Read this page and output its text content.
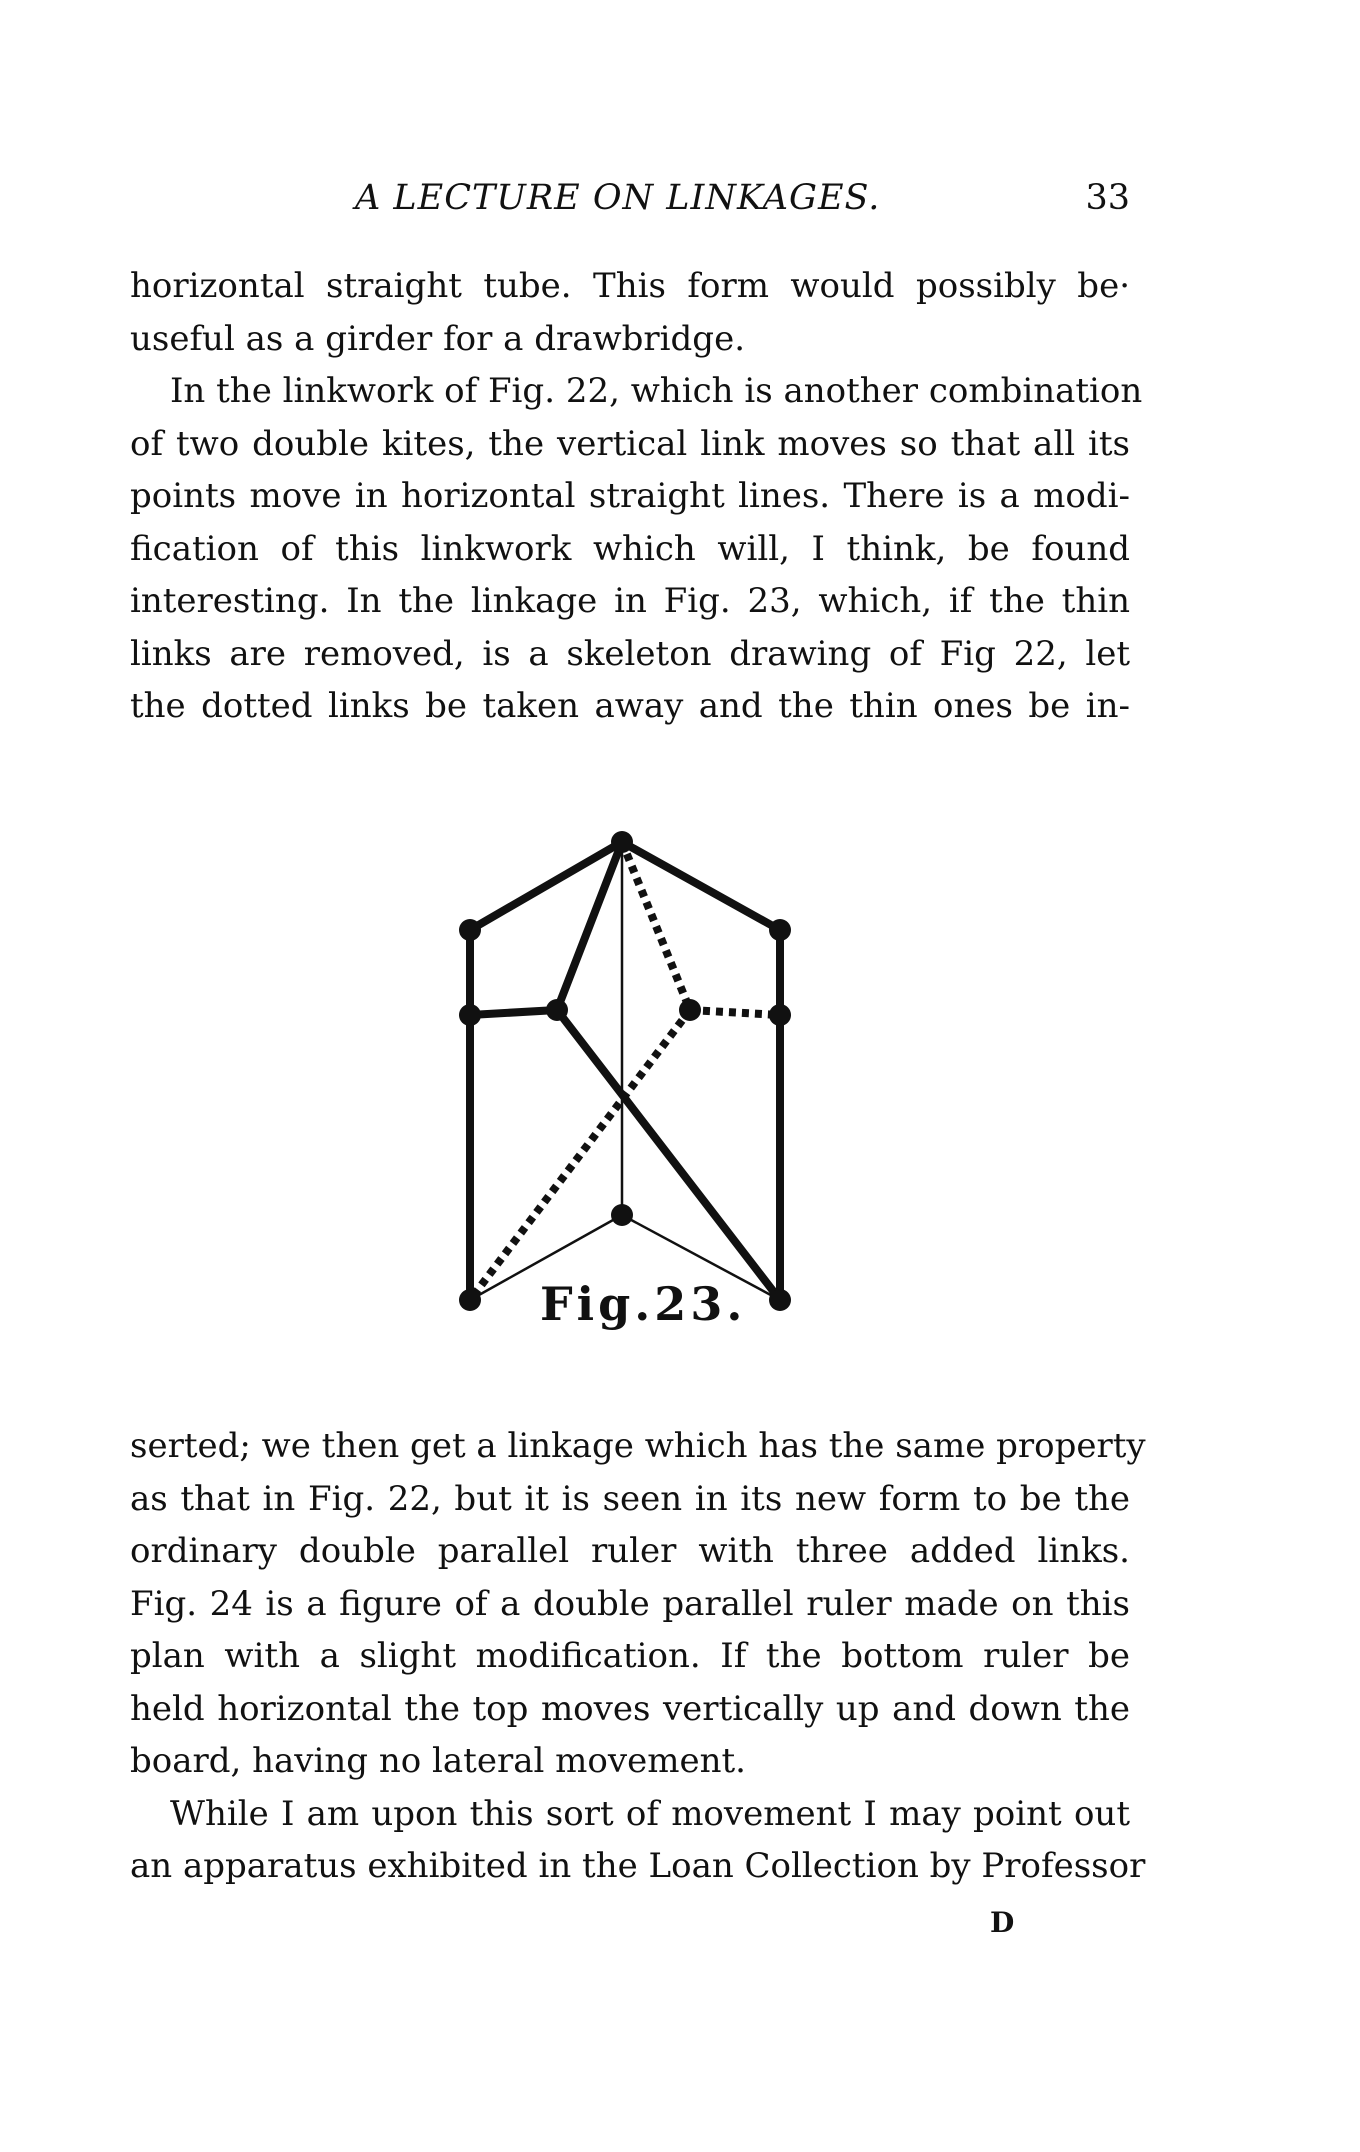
A LECTURE ON LINKAGES.	33

horizontal straight tube. This form would possibly be·
useful as a girder for a drawbridge.

In the linkwork of Fig. 22, which is another combination
of two double kites, the vertical link moves so that all its
points move in horizontal straight lines. There is a modi-
fication of this linkwork which will, I think, be found
interesting. In the linkage in Fig. 23, which, if the thin
links are removed, is a skeleton drawing of Fig 22, let
the dotted links be taken away and the thin ones be in-

Fig.23.

serted; we then get a linkage which has the same property
as that in Fig. 22, but it is seen in its new form to be the
ordinary double parallel ruler with three added links.
Fig. 24 is a figure of a double parallel ruler made on this
plan with a slight modification. If the bottom ruler be
held horizontal the top moves vertically up and down the
board, having no lateral movement.

While I am upon this sort of movement I may point out
an apparatus exhibited in the Loan Collection by Professor

D
